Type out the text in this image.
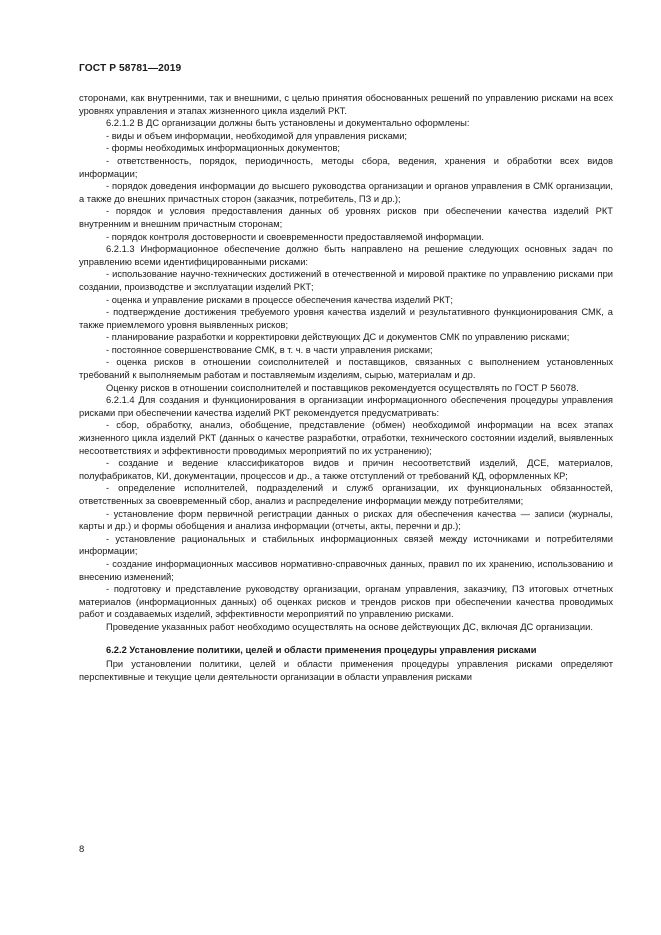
ГОСТ Р 58781—2019

сторонами, как внутренними, так и внешними, с целью принятия обоснованных решений по управлению рисками на всех уровнях управления и этапах жизненного цикла изделий РКТ.

6.2.1.2 В ДС организации должны быть установлены и документально оформлены:

- виды и объем информации, необходимой для управления рисками;

- формы необходимых информационных документов;

- ответственность, порядок, периодичность, методы сбора, ведения, хранения и обработки всех видов информации;

- порядок доведения информации до высшего руководства организации и органов управления в СМК организации, а также до внешних причастных сторон (заказчик, потребитель, ПЗ и др.);

- порядок и условия предоставления данных об уровнях рисков при обеспечении качества изделий РКТ внутренним и внешним причастным сторонам;

- порядок контроля достоверности и своевременности предоставляемой информации.

6.2.1.3 Информационное обеспечение должно быть направлено на решение следующих основных задач по управлению всеми идентифицированными рисками:

- использование научно-технических достижений в отечественной и мировой практике по управлению рисками при создании, производстве и эксплуатации изделий РКТ;

- оценка и управление рисками в процессе обеспечения качества изделий РКТ;

- подтверждение достижения требуемого уровня качества изделий и результативного функционирования СМК, а также приемлемого уровня выявленных рисков;

- планирование разработки и корректировки действующих ДС и документов СМК по управлению рисками;

- постоянное совершенствование СМК, в т. ч. в части управления рисками;

- оценка рисков в отношении соисполнителей и поставщиков, связанных с выполнением установленных требований к выполняемым работам и поставляемым изделиям, сырью, материалам и др.

Оценку рисков в отношении соисполнителей и поставщиков рекомендуется осуществлять по ГОСТ Р 56078.

6.2.1.4 Для создания и функционирования в организации информационного обеспечения процедуры управления рисками при обеспечении качества изделий РКТ рекомендуется предусматривать:

- сбор, обработку, анализ, обобщение, представление (обмен) необходимой информации на всех этапах жизненного цикла изделий РКТ (данных о качестве разработки, отработки, технического состоянии изделий, выявленных несоответствиях и эффективности проводимых мероприятий по их устранению);

- создание и ведение классификаторов видов и причин несоответствий изделий, ДСЕ, материалов, полуфабрикатов, КИ, документации, процессов и др., а также отступлений от требований КД, оформленных КР;

- определение исполнителей, подразделений и служб организации, их функциональных обязанностей, ответственных за своевременный сбор, анализ и распределение информации между потребителями;

- установление форм первичной регистрации данных о рисках для обеспечения качества — записи (журналы, карты и др.) и формы обобщения и анализа информации (отчеты, акты, перечни и др.);

- установление рациональных и стабильных информационных связей между источниками и потребителями информации;

- создание информационных массивов нормативно-справочных данных, правил по их хранению, использованию и внесению изменений;

- подготовку и представление руководству организации, органам управления, заказчику, ПЗ итоговых отчетных материалов (информационных данных) об оценках рисков и трендов рисков при обеспечении качества проводимых работ и создаваемых изделий, эффективности мероприятий по управлению рисками.

Проведение указанных работ необходимо осуществлять на основе действующих ДС, включая ДС организации.

6.2.2 Установление политики, целей и области применения процедуры управления рисками

При установлении политики, целей и области применения процедуры управления рисками определяют перспективные и текущие цели деятельности организации в области управления рисками

8
